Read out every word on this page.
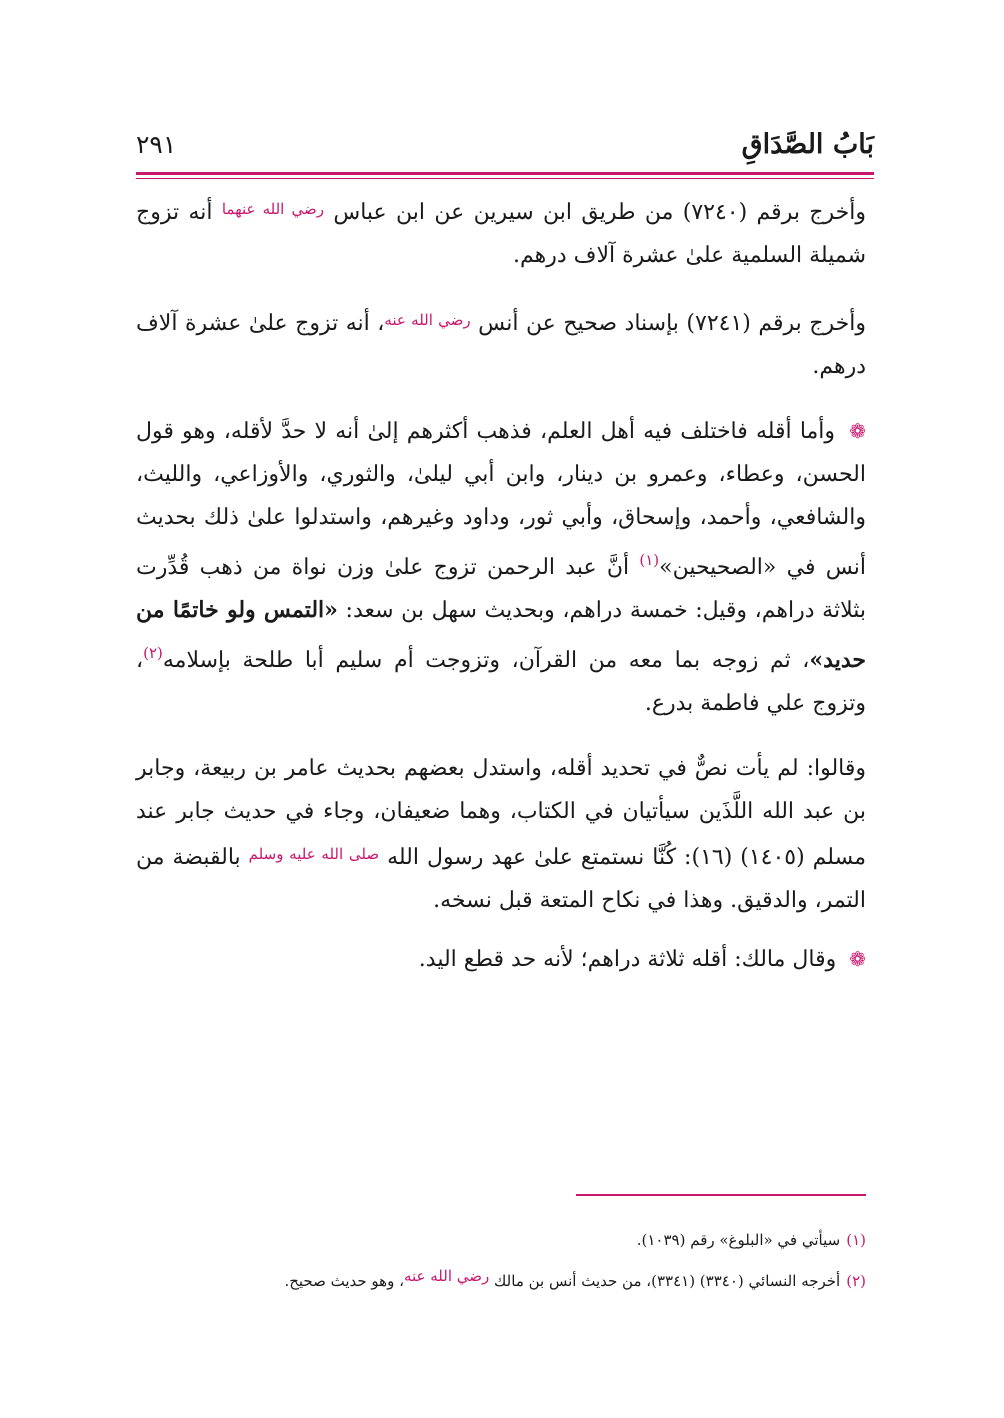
بَابُ الصَّدَاقِ
٢٩١

وأخرج برقم (٧٢٤٠) من طريق ابن سيرين عن ابن عباس $^{رضي الله عنهما}$ أنه تزوج شميلة السلمية علىٰ عشرة آلاف درهم.

وأخرج برقم (٧٢٤١) بإسناد صحيح عن أنس $^{رضي الله عنه}$، أنه تزوج علىٰ عشرة آلاف درهم.

❁ وأما أقله فاختلف فيه أهل العلم، فذهب أكثرهم إلىٰ أنه لا حدَّ لأقله، وهو قول الحسن، وعطاء، وعمرو بن دينار، وابن أبي ليلىٰ، والثوري، والأوزاعي، والليث، والشافعي، وأحمد، وإسحاق، وأبي ثور، وداود وغيرهم، واستدلوا علىٰ ذلك بحديث أنس في «الصحيحين»$^{(١)}$ أنَّ عبد الرحمن تزوج علىٰ وزن نواة من ذهب قُدِّرت بثلاثة دراهم، وقيل: خمسة دراهم، وبحديث سهل بن سعد: «التمس ولو خاتمًا من حديد»، ثم زوجه بما معه من القرآن، وتزوجت أم سليم أبا طلحة بإسلامه$^{(٢)}$، وتزوج علي فاطمة بدرع.

وقالوا: لم يأت نصٌّ في تحديد أقله، واستدل بعضهم بحديث عامر بن ربيعة، وجابر بن عبد الله اللَّذَين سيأتيان في الكتاب، وهما ضعيفان، وجاء في حديث جابر عند مسلم (١٤٠٥) (١٦): كُنَّا نستمتع علىٰ عهد رسول الله $^{صلى الله عليه وسلم}$ بالقبضة من التمر، والدقيق. وهذا في نكاح المتعة قبل نسخه.

❁ وقال مالك: أقله ثلاثة دراهم؛ لأنه حد قطع اليد.

(١)سيأتي في «البلوغ» رقم (١٠٣٩).
(٢)أخرجه النسائي (٣٣٤٠) (٣٣٤١)، من حديث أنس بن مالك رضي الله عنه، وهو حديث صحيح.
